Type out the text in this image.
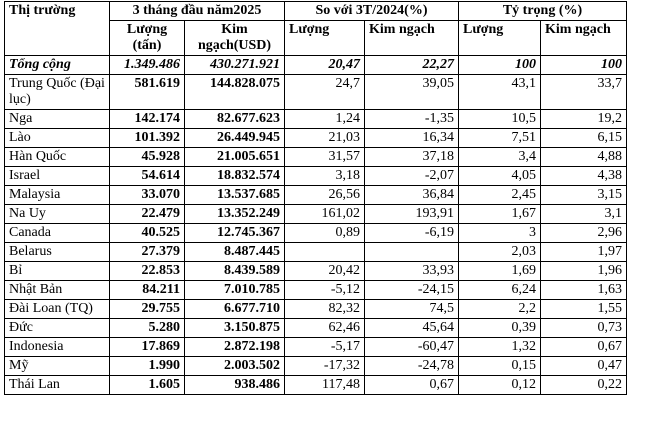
Thị trường	3 tháng đầu năm2025		So với 3T/2024(%)		Tỷ trọng (%)	
	Lượng (tấn)	Kim ngạch(USD)	Lượng	Kim ngạch	Lượng	Kim ngạch
Tổng cộng	1.349.486	430.271.921	20,47	22,27	100	100
Trung Quốc (Đại lục)	581.619	144.828.075	24,7	39,05	43,1	33,7
Nga	142.174	82.677.623	1,24	-1,35	10,5	19,2
Lào	101.392	26.449.945	21,03	16,34	7,51	6,15
Hàn Quốc	45.928	21.005.651	31,57	37,18	3,4	4,88
Israel	54.614	18.832.574	3,18	-2,07	4,05	4,38
Malaysia	33.070	13.537.685	26,56	36,84	2,45	3,15
Na Uy	22.479	13.352.249	161,02	193,91	1,67	3,1
Canada	40.525	12.745.367	0,89	-6,19	3	2,96
Belarus	27.379	8.487.445			2,03	1,97
Bỉ	22.853	8.439.589	20,42	33,93	1,69	1,96
Nhật Bản	84.211	7.010.785	-5,12	-24,15	6,24	1,63
Đài Loan (TQ)	29.755	6.677.710	82,32	74,5	2,2	1,55
Đức	5.280	3.150.875	62,46	45,64	0,39	0,73
Indonesia	17.869	2.872.198	-5,17	-60,47	1,32	0,67
Mỹ	1.990	2.003.502	-17,32	-24,78	0,15	0,47
Thái Lan	1.605	938.486	117,48	0,67	0,12	0,22
